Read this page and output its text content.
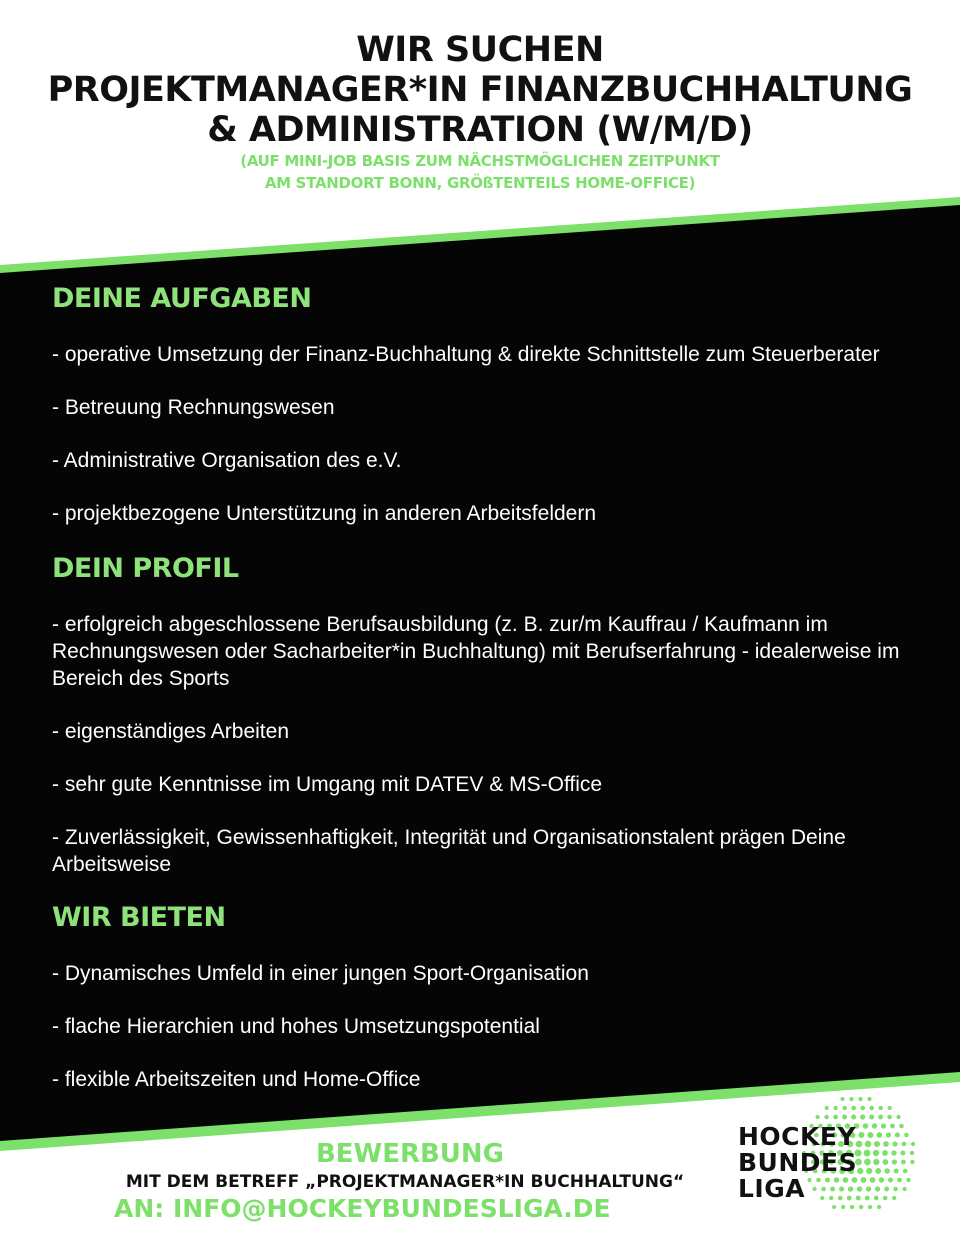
WIR SUCHEN
PROJEKTMANAGER*IN FINANZBUCHHALTUNG
& ADMINISTRATION (W/M/D)
(AUF MINI-JOB BASIS ZUM NÄCHSTMÖGLICHEN ZEITPUNKT
AM STANDORT BONN, GRÖßTENTEILS HOME-OFFICE)
DEINE AUFGABEN
- operative Umsetzung der Finanz-Buchhaltung & direkte Schnittstelle zum Steuerberater
- Betreuung Rechnungswesen
- Administrative Organisation des e.V.
- projektbezogene Unterstützung in anderen Arbeitsfeldern
DEIN PROFIL
- erfolgreich abgeschlossene Berufsausbildung (z. B. zur/m Kauffrau / Kaufmann im Rechnungswesen oder Sacharbeiter*in Buchhaltung) mit Berufserfahrung - idealerweise im Bereich des Sports
- eigenständiges Arbeiten
- sehr gute Kenntnisse im Umgang mit DATEV & MS-Office
- Zuverlässigkeit, Gewissenhaftigkeit, Integrität und Organisationstalent prägen Deine Arbeitsweise
WIR BIETEN
- Dynamisches Umfeld in einer jungen Sport-Organisation
- flache Hierarchien und hohes Umsetzungspotential
- flexible Arbeitszeiten und Home-Office
BEWERBUNG
MIT DEM BETREFF „PROJEKTMANAGER*IN BUCHHALTUNG“
AN: INFO@HOCKEYBUNDESLIGA.DE
HOCKEY
BUNDES
LIGA
